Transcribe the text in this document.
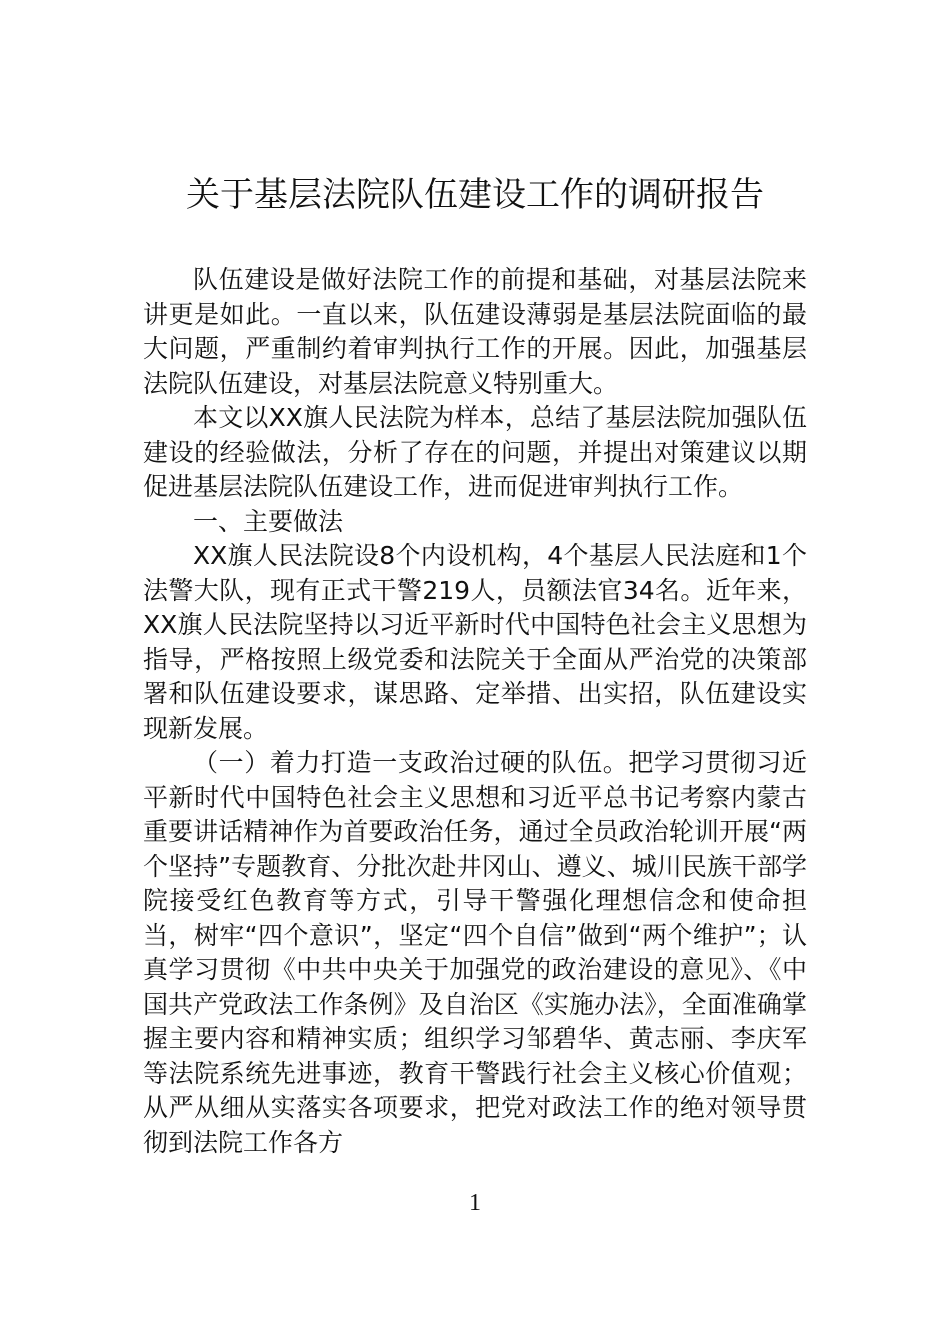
关于基层法院队伍建设工作的调研报告

队伍建设是做好法院工作的前提和基础，对基层法院来讲更是如此。一直以来，队伍建设薄弱是基层法院面临的最大问题，严重制约着审判执行工作的开展。因此，加强基层法院队伍建设，对基层法院意义特别重大。

本文以XX旗人民法院为样本，总结了基层法院加强队伍建设的经验做法，分析了存在的问题，并提出对策建议以期促进基层法院队伍建设工作，进而促进审判执行工作。

一、主要做法

XX旗人民法院设8个内设机构，4个基层人民法庭和1个法警大队，现有正式干警219人，员额法官34名。近年来，XX旗人民法院坚持以习近平新时代中国特色社会主义思想为指导，严格按照上级党委和法院关于全面从严治党的决策部署和队伍建设要求，谋思路、定举措、出实招，队伍建设实现新发展。

（一）着力打造一支政治过硬的队伍。把学习贯彻习近平新时代中国特色社会主义思想和习近平总书记考察内蒙古重要讲话精神作为首要政治任务，通过全员政治轮训开展“两个坚持”专题教育、分批次赴井冈山、遵义、城川民族干部学院接受红色教育等方式，引导干警强化理想信念和使命担当，树牢“四个意识”，坚定“四个自信”做到“两个维护”；认真学习贯彻《中共中央关于加强党的政治建设的意见》、《中国共产党政法工作条例》及自治区《实施办法》，全面准确掌握主要内容和精神实质；组织学习邹碧华、黄志丽、李庆军等法院系统先进事迹，教育干警践行社会主义核心价值观；从严从细从实落实各项要求，把党对政法工作的绝对领导贯彻到法院工作各方

1
